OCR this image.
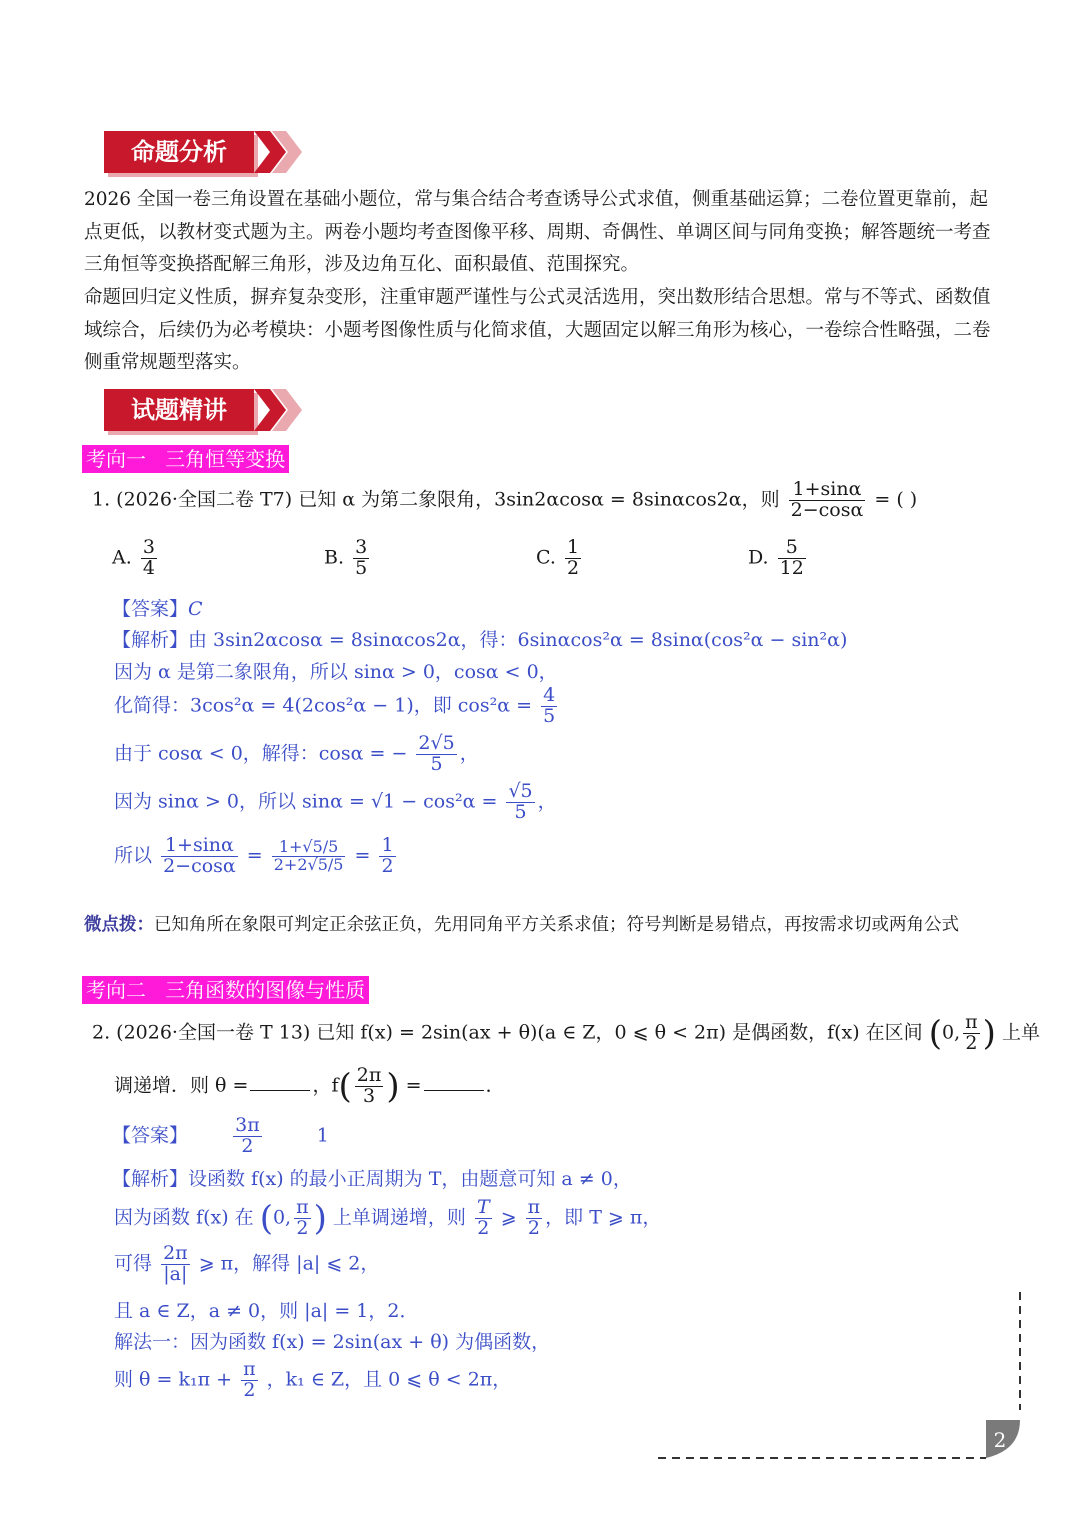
命题分析

2026 全国一卷三角设置在基础小题位，常与集合结合考查诱导公式求值，侧重基础运算；二卷位置更靠前，起点更低，以教材变式题为主。两卷小题均考查图像平移、周期、奇偶性、单调区间与同角变换；解答题统一考查三角恒等变换搭配解三角形，涉及边角互化、面积最值、范围探究。

命题回归定义性质，摒弃复杂变形，注重审题严谨性与公式灵活选用，突出数形结合思想。常与不等式、函数值域综合，后续仍为必考模块：小题考图像性质与化简求值，大题固定以解三角形为核心，一卷综合性略强，二卷侧重常规题型落实。

试题精讲
考向一   三角恒等变换
1. (2026·全国二卷 T7) 已知 α 为第二象限角，3sin2αcosα = 8sinαcos2α，则 $\frac{1+\sin\alpha}{2-\cos\alpha}$ = ( )
A. $\frac{3}{4}$	B. $\frac{3}{5}$	C. $\frac{1}{2}$	D. $\frac{5}{12}$
【答案】C
【解析】由 3sin2αcosα = 8sinαcos2α，得：6sinαcos²α = 8sinα(cos²α − sin²α)
因为 α 是第二象限角，所以 sinα > 0，cosα < 0，
化简得：3cos²α = 4(2cos²α − 1)，即 $\cos^2\alpha = \frac{4}{5}$
由于 cosα < 0，解得：cosα = − $\frac{2√5}{5}$ ，
因为 sinα > 0，所以 $\sin\alpha = √1 - \cos^2\alpha = \frac{√5}{5}$ ，
所以 $\frac{1+\sin\alpha}{2-\cos\alpha} = \frac{1+√5/5}{2+2√5/5} = \frac{1}{2}$
微点拨：已知角所在象限可判定正余弦正负，先用同角平方关系求值；符号判断是易错点，再按需求切或两角公式
考向二   三角函数的图像与性质
2. (2026·全国一卷 T 13) 已知 f(x) = 2sin(ax + θ)(a ∈ Z，0 ⩽ θ < 2π) 是偶函数，f(x) 在区间 (0, $\frac{\pi}{2}$ ) 上单
调递增．则 θ =	，$f( \frac{2\pi}{3}$ ) =	．
【答案】 $\frac{3\pi}{2}$	1
【解析】设函数 f(x) 的最小正周期为 T，由题意可知 a ≠ 0，
因为函数 f(x) 在 (0, $\frac{\pi}{2}$ ) 上单调递增，则 $\frac{T}{2}$ ⩾ $\frac{\pi}{2}$ ，即 T ⩾ π，
可得 $\frac{2\pi}{|a|}$ ⩾ π，解得 |a| ⩽ 2，
且 a ∈ Z，a ≠ 0，则 |a| = 1，2．
解法一：因为函数 f(x) = 2sin(ax + θ) 为偶函数，
则 $\theta = k_1\pi + \frac{\pi}{2}$ ，k₁ ∈ Z，且 0 ⩽ θ < 2π，
2
